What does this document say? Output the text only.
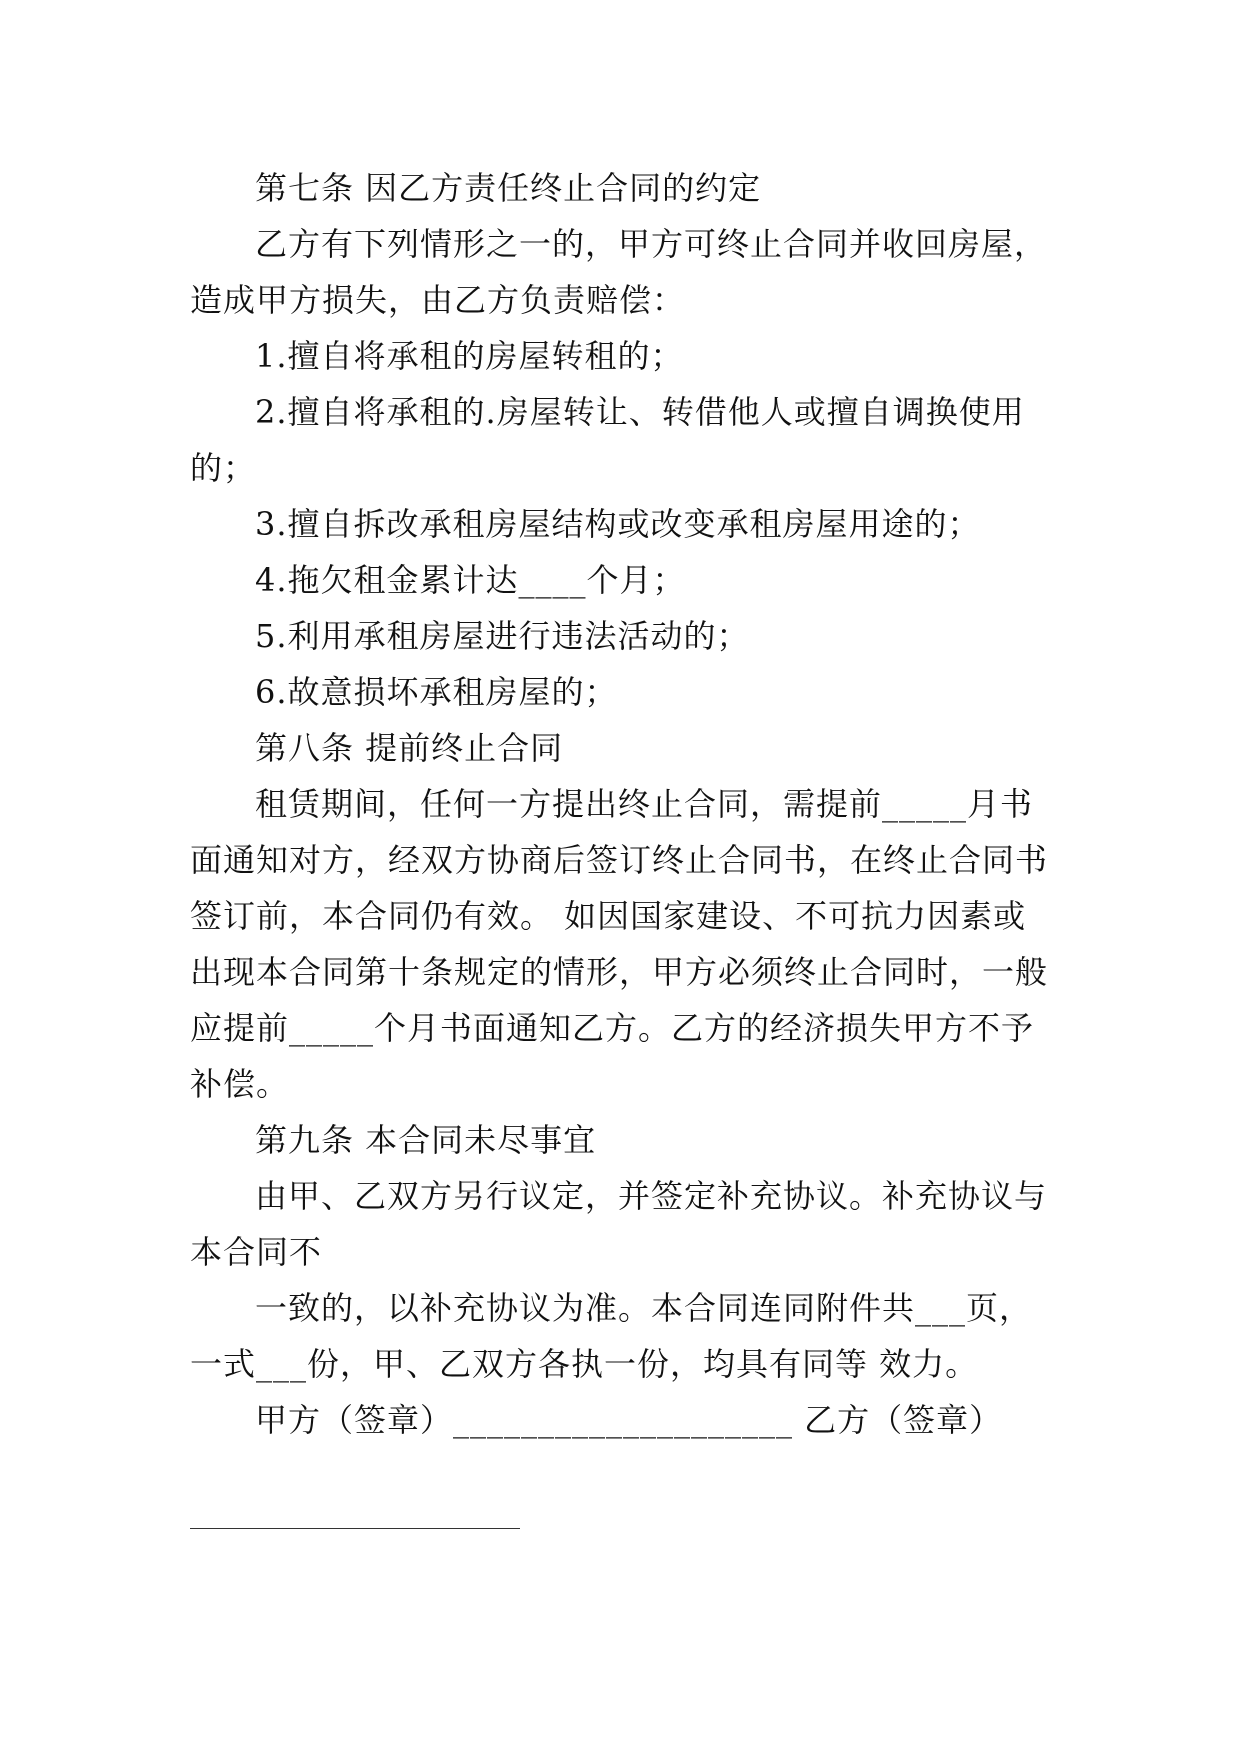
第七条 因乙方责任终止合同的约定
乙方有下列情形之一的，甲方可终止合同并收回房屋，
造成甲方损失，由乙方负责赔偿：
1.擅自将承租的房屋转租的；
2.擅自将承租的.房屋转让、转借他人或擅自调换使用
的；
3.擅自拆改承租房屋结构或改变承租房屋用途的；
4.拖欠租金累计达____个月；
5.利用承租房屋进行违法活动的；
6.故意损坏承租房屋的；
第八条 提前终止合同
租赁期间，任何一方提出终止合同，需提前_____月书
面通知对方，经双方协商后签订终止合同书，在终止合同书
签订前，本合同仍有效。 如因国家建设、不可抗力因素或
出现本合同第十条规定的情形，甲方必须终止合同时，一般
应提前_____个月书面通知乙方。乙方的经济损失甲方不予
补偿。
第九条 本合同未尽事宜
由甲、乙双方另行议定，并签定补充协议。补充协议与
本合同不
一致的，以补充协议为准。本合同连同附件共___页，
一式___份，甲、乙双方各执一份，均具有同等 效力。
甲方（签章）____________________ 乙方（签章）
